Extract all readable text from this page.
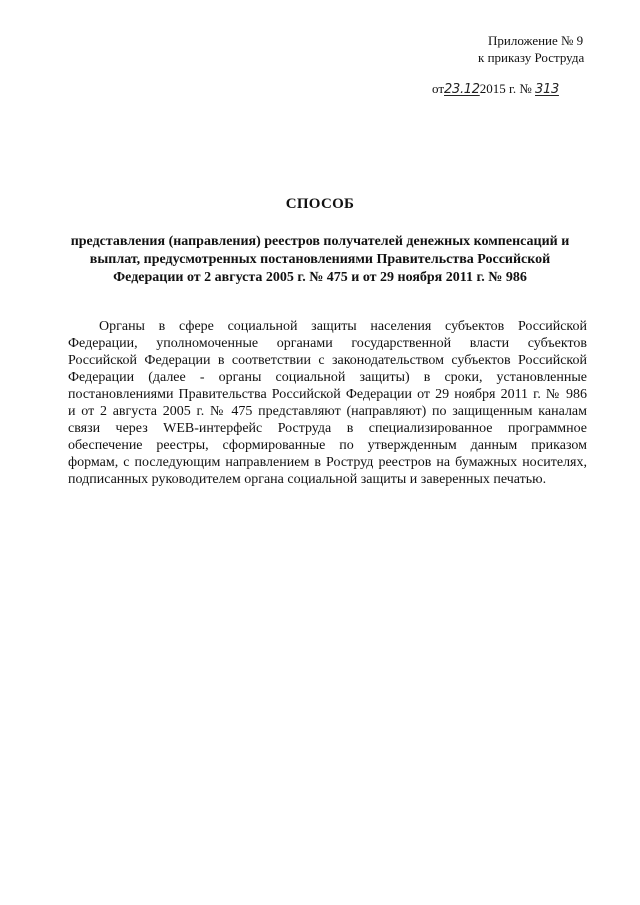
Приложение № 9
к приказу Роструда
от23.122015 г. № 313
СПОСОБ
представления (направления) реестров получателей денежных компенсаций и
выплат, предусмотренных постановлениями Правительства Российской
Федерации от 2 августа 2005 г. № 475 и от 29 ноября 2011 г. № 986
Органы в сфере социальной защиты населения субъектов Российской
Федерации, уполномоченные органами государственной власти субъектов
Российской Федерации в соответствии с законодательством субъектов Российской
Федерации (далее - органы социальной защиты) в сроки, установленные
постановлениями Правительства Российской Федерации от 29 ноября 2011 г. № 986
и от 2 августа 2005 г. № 475 представляют (направляют) по защищенным каналам
связи через WEB-интерфейс Роструда в специализированное программное
обеспечение реестры, сформированные по утвержденным данным приказом
формам, с последующим направлением в Роструд реестров на бумажных носителях,
подписанных руководителем органа социальной защиты и заверенных печатью.
